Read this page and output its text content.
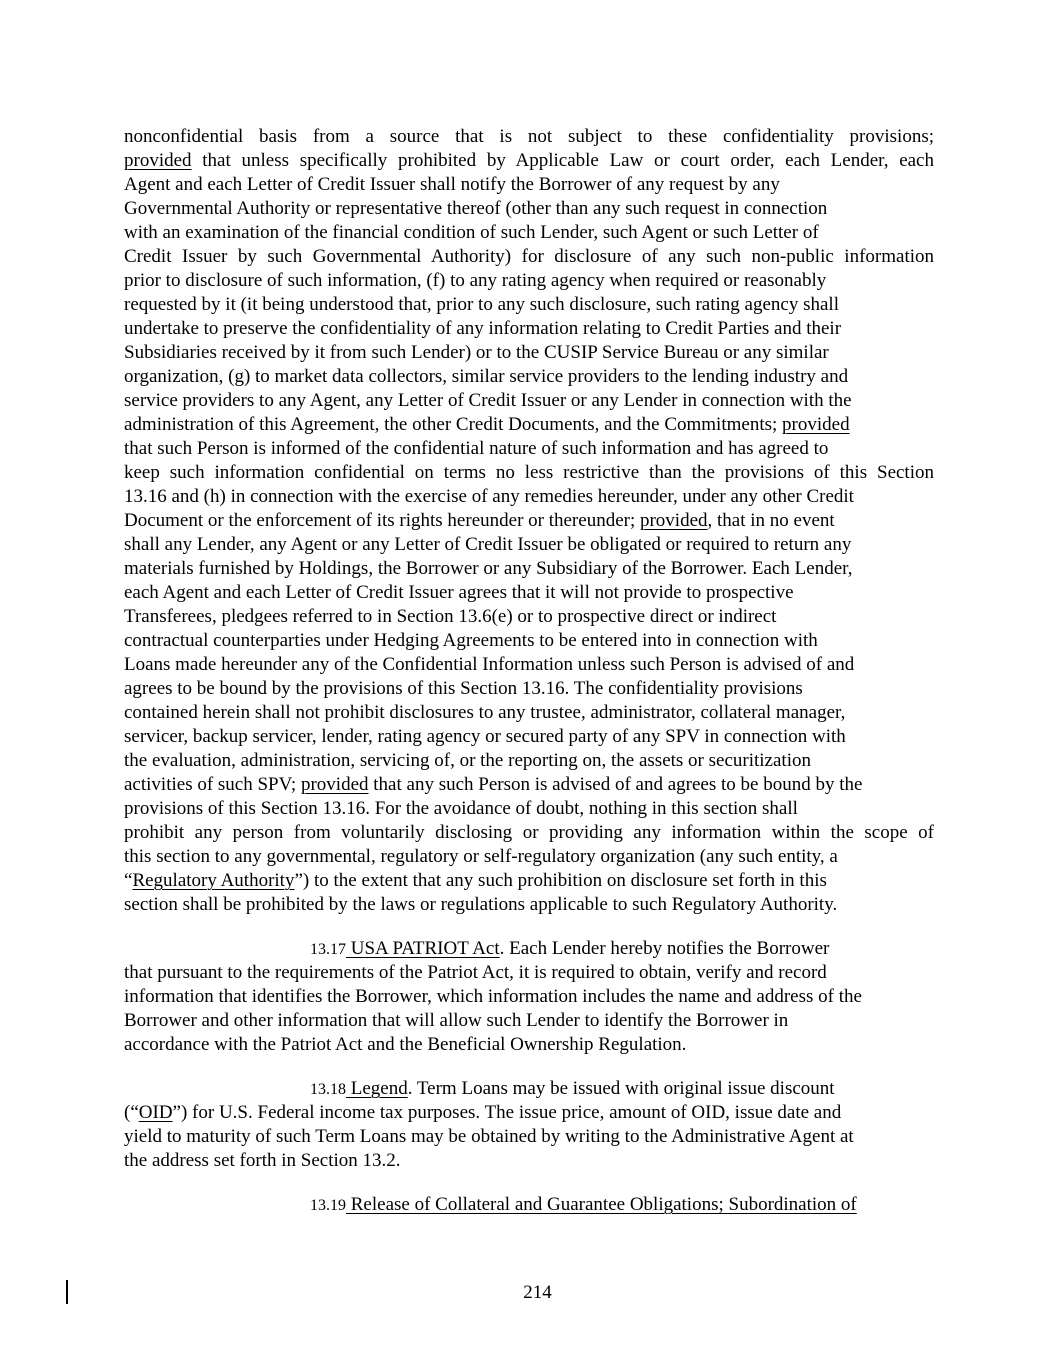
nonconfidential basis from a source that is not subject to these confidentiality provisions;
provided that unless specifically prohibited by Applicable Law or court order, each Lender, each
Agent and each Letter of Credit Issuer shall notify the Borrower of any request by any
Governmental Authority or representative thereof (other than any such request in connection
with an examination of the financial condition of such Lender, such Agent or such Letter of
Credit Issuer by such Governmental Authority) for disclosure of any such non-public information
prior to disclosure of such information, (f) to any rating agency when required or reasonably
requested by it (it being understood that, prior to any such disclosure, such rating agency shall
undertake to preserve the confidentiality of any information relating to Credit Parties and their
Subsidiaries received by it from such Lender) or to the CUSIP Service Bureau or any similar
organization, (g) to market data collectors, similar service providers to the lending industry and
service providers to any Agent, any Letter of Credit Issuer or any Lender in connection with the
administration of this Agreement, the other Credit Documents, and the Commitments; provided
that such Person is informed of the confidential nature of such information and has agreed to
keep such information confidential on terms no less restrictive than the provisions of this Section
13.16 and (h) in connection with the exercise of any remedies hereunder, under any other Credit
Document or the enforcement of its rights hereunder or thereunder; provided, that in no event
shall any Lender, any Agent or any Letter of Credit Issuer be obligated or required to return any
materials furnished by Holdings, the Borrower or any Subsidiary of the Borrower. Each Lender,
each Agent and each Letter of Credit Issuer agrees that it will not provide to prospective
Transferees, pledgees referred to in Section 13.6(e) or to prospective direct or indirect
contractual counterparties under Hedging Agreements to be entered into in connection with
Loans made hereunder any of the Confidential Information unless such Person is advised of and
agrees to be bound by the provisions of this Section 13.16. The confidentiality provisions
contained herein shall not prohibit disclosures to any trustee, administrator, collateral manager,
servicer, backup servicer, lender, rating agency or secured party of any SPV in connection with
the evaluation, administration, servicing of, or the reporting on, the assets or securitization
activities of such SPV; provided that any such Person is advised of and agrees to be bound by the
provisions of this Section 13.16. For the avoidance of doubt, nothing in this section shall
prohibit any person from voluntarily disclosing or providing any information within the scope of
this section to any governmental, regulatory or self-regulatory organization (any such entity, a
“Regulatory Authority”) to the extent that any such prohibition on disclosure set forth in this
section shall be prohibited by the laws or regulations applicable to such Regulatory Authority.
13.17 USA PATRIOT Act. Each Lender hereby notifies the Borrower
that pursuant to the requirements of the Patriot Act, it is required to obtain, verify and record
information that identifies the Borrower, which information includes the name and address of the
Borrower and other information that will allow such Lender to identify the Borrower in
accordance with the Patriot Act and the Beneficial Ownership Regulation.
13.18 Legend. Term Loans may be issued with original issue discount
(“OID”) for U.S. Federal income tax purposes. The issue price, amount of OID, issue date and
yield to maturity of such Term Loans may be obtained by writing to the Administrative Agent at
the address set forth in Section 13.2.
13.19 Release of Collateral and Guarantee Obligations; Subordination of
214
